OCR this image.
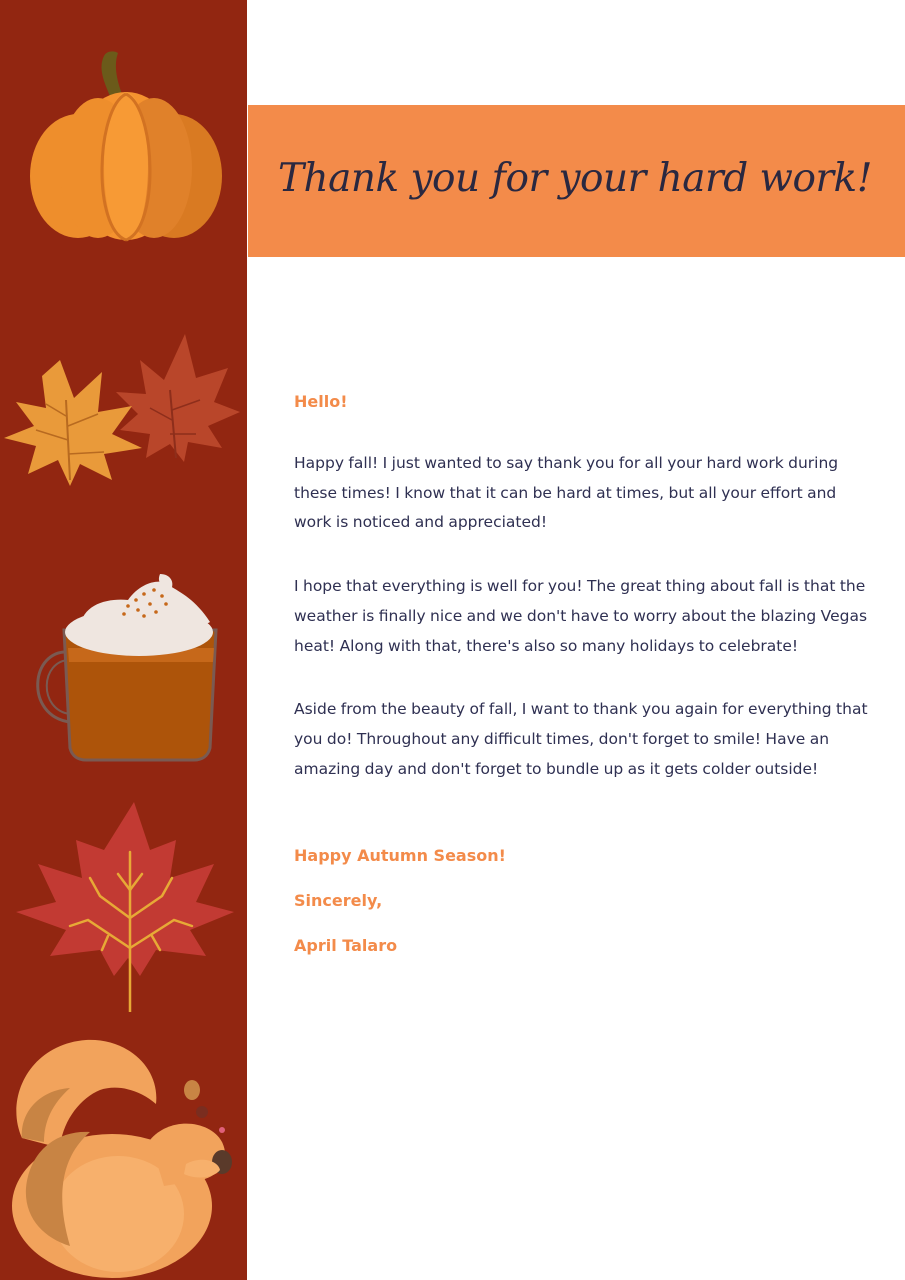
Thank you for your hard work!

Hello!

Happy fall! I just wanted to say thank you for all your hard work during these times! I know that it can be hard at times, but all your effort and work is noticed and appreciated!

I hope that everything is well for you! The great thing about fall is that the weather is finally nice and we don't have to worry about the blazing Vegas heat! Along with that, there's also so many holidays to celebrate!

Aside from the beauty of fall, I want to thank you again for everything that you do! Throughout any difficult times, don't forget to smile! Have an amazing day and don't forget to bundle up as it gets colder outside!

Happy Autumn Season!

Sincerely,

April Talaro
